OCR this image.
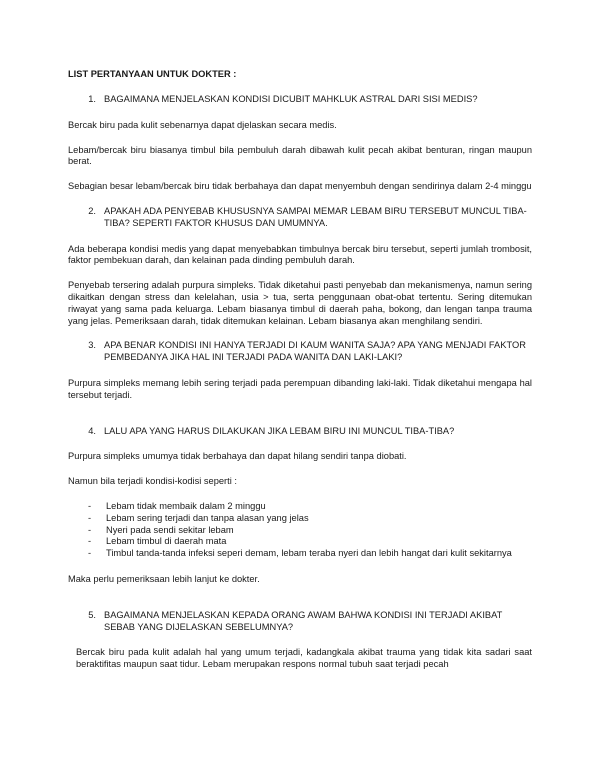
LIST PERTANYAAN UNTUK DOKTER :
1. BAGAIMANA MENJELASKAN KONDISI DICUBIT MAHKLUK ASTRAL DARI SISI MEDIS?

Bercak biru pada kulit sebenarnya dapat djelaskan secara medis.

Lebam/bercak biru biasanya timbul bila pembuluh darah dibawah kulit pecah akibat benturan, ringan maupun berat.

Sebagian besar lebam/bercak biru tidak berbahaya dan dapat menyembuh dengan sendirinya dalam 2-4 minggu

2. APAKAH ADA PENYEBAB KHUSUSNYA SAMPAI MEMAR LEBAM BIRU TERSEBUT MUNCUL TIBA-TIBA? SEPERTI FAKTOR KHUSUS DAN UMUMNYA.

Ada beberapa kondisi medis yang dapat menyebabkan timbulnya bercak biru tersebut, seperti jumlah trombosit, faktor pembekuan darah, dan kelainan pada dinding pembuluh darah.

Penyebab tersering adalah purpura simpleks. Tidak diketahui pasti penyebab dan mekanismenya, namun sering dikaitkan dengan stress dan kelelahan, usia > tua, serta penggunaan obat-obat tertentu. Sering ditemukan riwayat yang sama pada keluarga. Lebam biasanya timbul di daerah paha, bokong, dan lengan tanpa trauma yang jelas. Pemeriksaan darah, tidak ditemukan kelainan. Lebam biasanya akan menghilang sendiri.

3. APA BENAR KONDISI INI HANYA TERJADI DI KAUM WANITA SAJA? APA YANG MENJADI FAKTOR PEMBEDANYA JIKA HAL INI TERJADI PADA WANITA DAN LAKI-LAKI?

Purpura simpleks memang lebih sering terjadi pada perempuan dibanding laki-laki. Tidak diketahui mengapa hal tersebut terjadi.

4. LALU APA YANG HARUS DILAKUKAN JIKA LEBAM BIRU INI MUNCUL TIBA-TIBA?

Purpura simpleks umumya tidak berbahaya dan dapat hilang sendiri tanpa diobati.

Namun bila terjadi kondisi-kodisi seperti :

-	Lebam tidak membaik dalam 2 minggu
-	Lebam sering terjadi dan tanpa alasan yang jelas
-	Nyeri pada sendi sekitar lebam
-	Lebam timbul di daerah mata
-	Timbul tanda-tanda infeksi seperi demam, lebam teraba nyeri dan lebih hangat dari kulit sekitarnya

Maka perlu pemeriksaan lebih lanjut ke dokter.

5. BAGAIMANA MENJELASKAN KEPADA ORANG AWAM BAHWA KONDISI INI TERJADI AKIBAT SEBAB YANG DIJELASKAN SEBELUMNYA?

Bercak biru pada kulit adalah hal yang umum terjadi, kadangkala akibat trauma yang tidak kita sadari saat beraktifitas maupun saat tidur. Lebam merupakan respons normal tubuh saat terjadi pecah
